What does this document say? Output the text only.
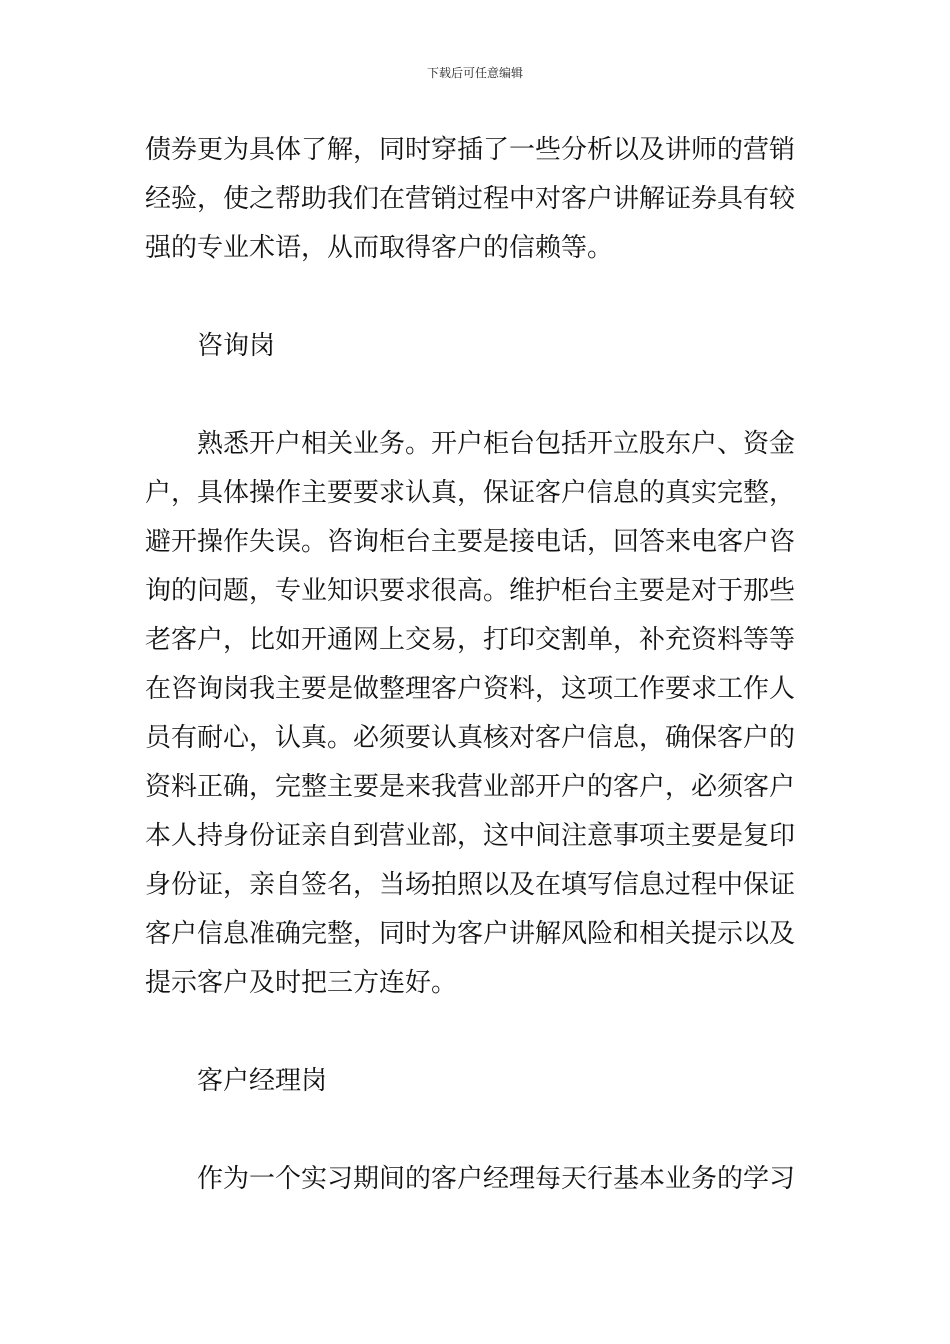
下载后可任意编辑
债券更为具体了解，同时穿插了一些分析以及讲师的营销
经验，使之帮助我们在营销过程中对客户讲解证券具有较
强的专业术语，从而取得客户的信赖等。
咨询岗
熟悉开户相关业务。开户柜台包括开立股东户、资金
户，具体操作主要要求认真，保证客户信息的真实完整，
避开操作失误。咨询柜台主要是接电话，回答来电客户咨
询的问题，专业知识要求很高。维护柜台主要是对于那些
老客户，比如开通网上交易，打印交割单，补充资料等等
在咨询岗我主要是做整理客户资料，这项工作要求工作人
员有耐心，认真。必须要认真核对客户信息，确保客户的
资料正确，完整主要是来我营业部开户的客户，必须客户
本人持身份证亲自到营业部，这中间注意事项主要是复印
身份证，亲自签名，当场拍照以及在填写信息过程中保证
客户信息准确完整，同时为客户讲解风险和相关提示以及
提示客户及时把三方连好。
客户经理岗
作为一个实习期间的客户经理每天行基本业务的学习
